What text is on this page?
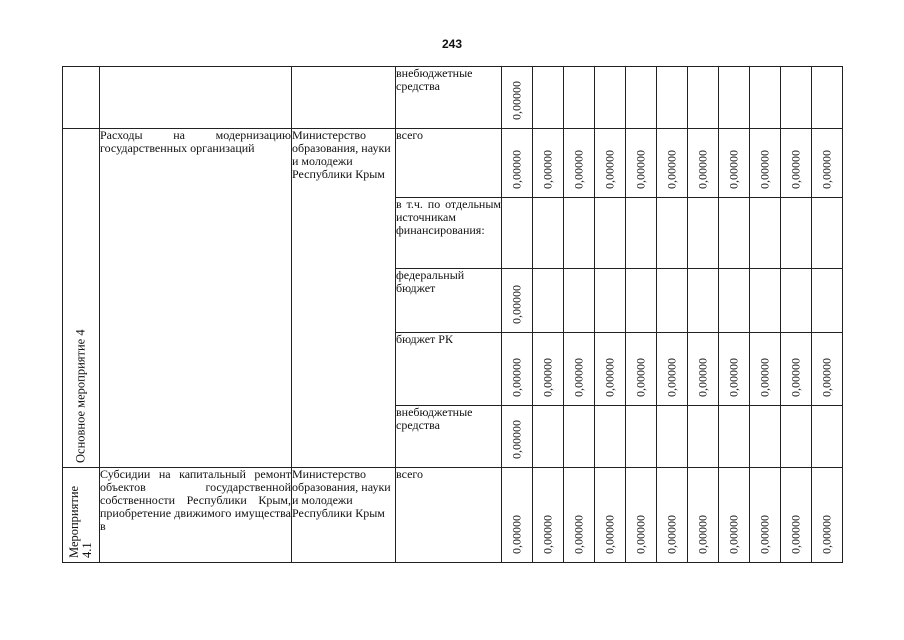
243
			внебюджетные средства	0,00000										

Основное мероприятие 4	Расходы на модернизацию государственных организаций	Министерство образования, науки и молодежи Республики Крым	всего	0,00000	0,00000	0,00000	0,00000	0,00000	0,00000	0,00000	0,00000	0,00000	0,00000	0,00000

			в т.ч. по отдельным источникам финансирования:											

			федеральный бюджет	0,00000										

			бюджет РК	0,00000	0,00000	0,00000	0,00000	0,00000	0,00000	0,00000	0,00000	0,00000	0,00000	0,00000

			внебюджетные средства	0,00000										

Мероприятие 4.1	Субсидии на капитальный ремонт объектов государственной собственности Республики Крым, приобретение движимого имущества в	Министерство образования, науки и молодежи Республики Крым	всего	0,00000	0,00000	0,00000	0,00000	0,00000	0,00000	0,00000	0,00000	0,00000	0,00000	0,00000
